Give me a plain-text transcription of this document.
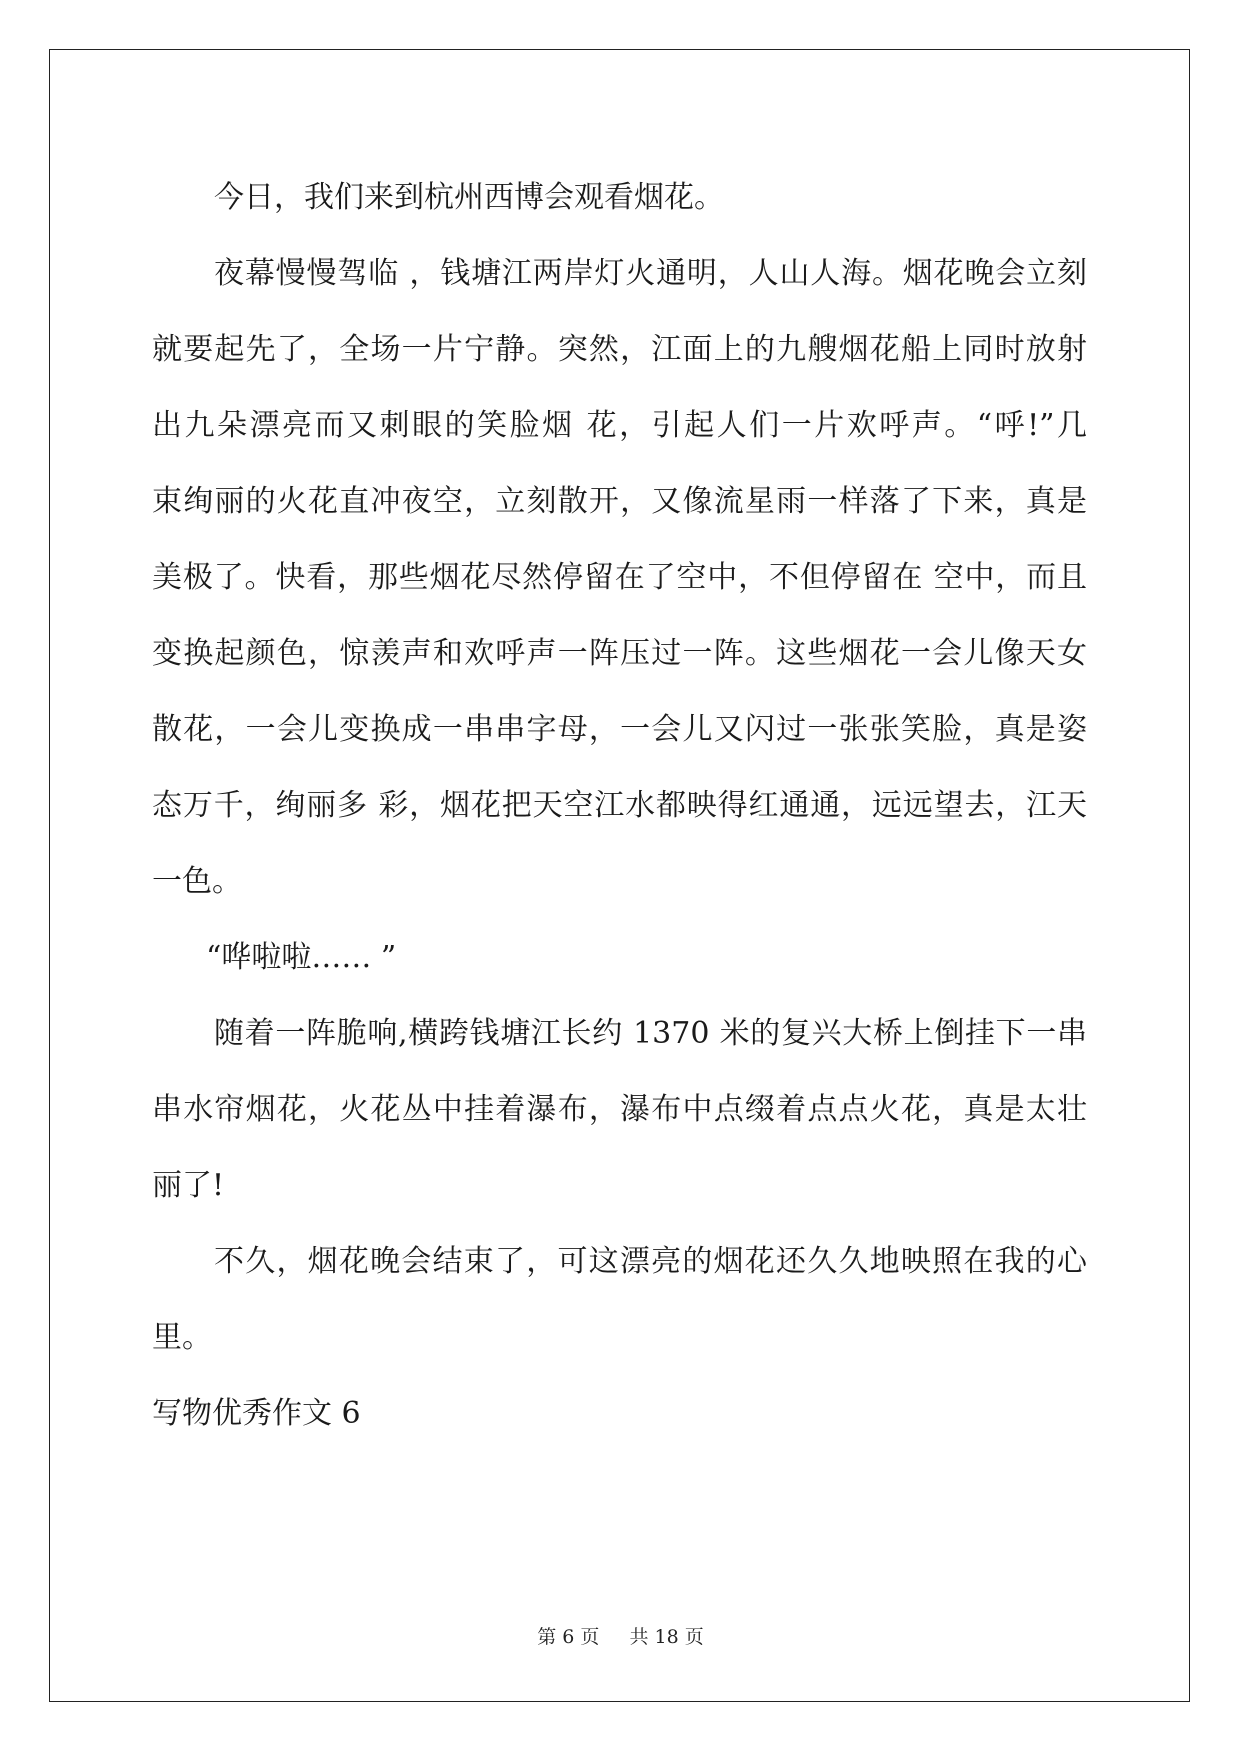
今日，我们来到杭州西博会观看烟花。
夜幕慢慢驾临 ，钱塘江两岸灯火通明，人山人海。烟花晚会立刻
就要起先了，全场一片宁静。突然，江面上的九艘烟花船上同时放射
出九朵漂亮而又刺眼的笑脸烟 花，引起人们一片欢呼声。“呼!”几
束绚丽的火花直冲夜空，立刻散开，又像流星雨一样落了下来，真是
美极了。快看，那些烟花尽然停留在了空中，不但停留在 空中，而且
变换起颜色，惊羡声和欢呼声一阵压过一阵。这些烟花一会儿像天女
散花，一会儿变换成一串串字母，一会儿又闪过一张张笑脸，真是姿
态万千，绚丽多 彩，烟花把天空江水都映得红通通，远远望去，江天
一色。
“哗啦啦…… ”
随着一阵脆响,横跨钱塘江长约 1370 米的复兴大桥上倒挂下一串
串水帘烟花，火花丛中挂着瀑布，瀑布中点缀着点点火花，真是太壮
丽了!
不久，烟花晚会结束了，可这漂亮的烟花还久久地映照在我的心
里。
写物优秀作文 6
第 6 页 共 18 页
